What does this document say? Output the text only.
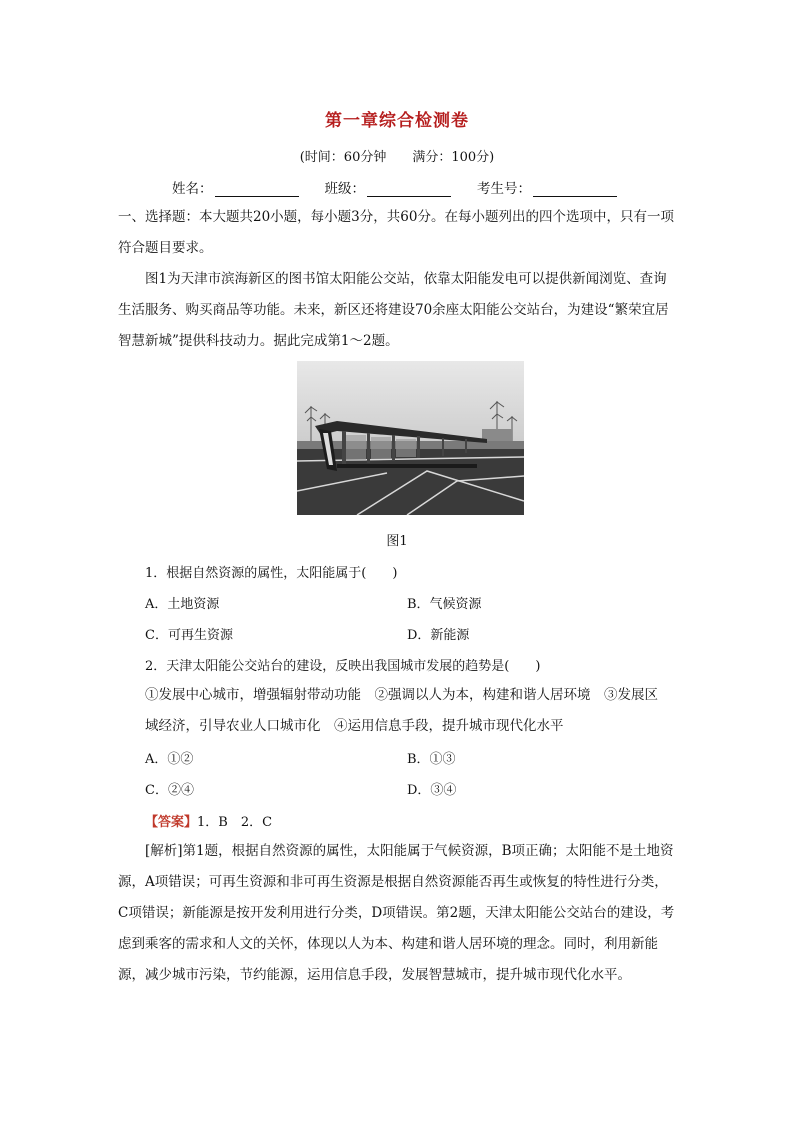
第一章综合检测卷
(时间：60分钟 满分：100分)
姓名：	班级：	考生号：
一、选择题：本大题共20小题，每小题3分，共60分。在每小题列出的四个选项中，只有一项符合题目要求。
图1为天津市滨海新区的图书馆太阳能公交站，依靠太阳能发电可以提供新闻浏览、查询生活服务、购买商品等功能。未来，新区还将建设70余座太阳能公交站台，为建设“繁荣宜居智慧新城”提供科技动力。据此完成第1～2题。
图1
1．根据自然资源的属性，太阳能属于(　　)
A．土地资源	B．气候资源
C．可再生资源	D．新能源
2．天津太阳能公交站台的建设，反映出我国城市发展的趋势是(　　)
①发展中心城市，增强辐射带动功能　②强调以人为本，构建和谐人居环境　③发展区域经济，引导农业人口城市化　④运用信息手段，提升城市现代化水平
A．①②	B．①③
C．②④	D．③④
【答案】1．B　2．C
[解析]第1题，根据自然资源的属性，太阳能属于气候资源，B项正确；太阳能不是土地资源，A项错误；可再生资源和非可再生资源是根据自然资源能否再生或恢复的特性进行分类，C项错误；新能源是按开发利用进行分类，D项错误。第2题，天津太阳能公交站台的建设，考虑到乘客的需求和人文的关怀，体现以人为本、构建和谐人居环境的理念。同时，利用新能源，减少城市污染，节约能源，运用信息手段，发展智慧城市，提升城市现代化水平。
